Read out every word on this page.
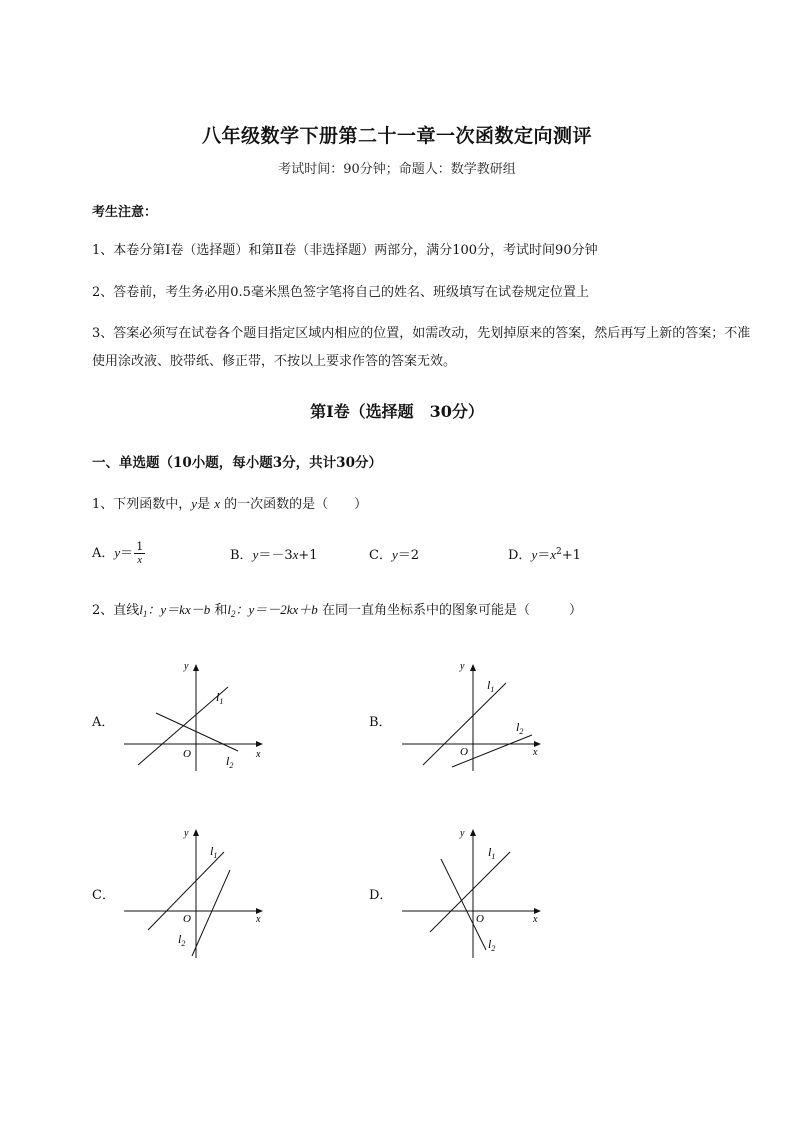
八年级数学下册第二十一章一次函数定向测评
考试时间：90分钟；命题人：数学教研组
考生注意：
1、本卷分第I卷（选择题）和第Ⅱ卷（非选择题）两部分，满分100分，考试时间90分钟
2、答卷前，考生务必用0.5毫米黑色签字笔将自己的姓名、班级填写在试卷规定位置上
3、答案必须写在试卷各个题目指定区域内相应的位置，如需改动，先划掉原来的答案，然后再写上新的答案；不准使用涂改液、胶带纸、修正带，不按以上要求作答的答案无效。
第I卷（选择题　30分）
一、单选题（10小题，每小题3分，共计30分）
1、下列函数中，y是 x 的一次函数的是（　　）
A．$y= \frac{1}{x}$	B．y＝－3x+1	C．y＝2	D．$y=x^2+1$
2、直线$l_1$：y＝kx－b 和$l_2$：y＝－2kx＋b 在同一直角坐标系中的图象可能是（　　　）
A．
y
x
O
$l_1$
$l_2$
B．
y
x
O
$l_1$
$l_2$
C．
y
x
O
$l_1$
$l_2$
D．
y
x
O
$l_1$
$l_2$
